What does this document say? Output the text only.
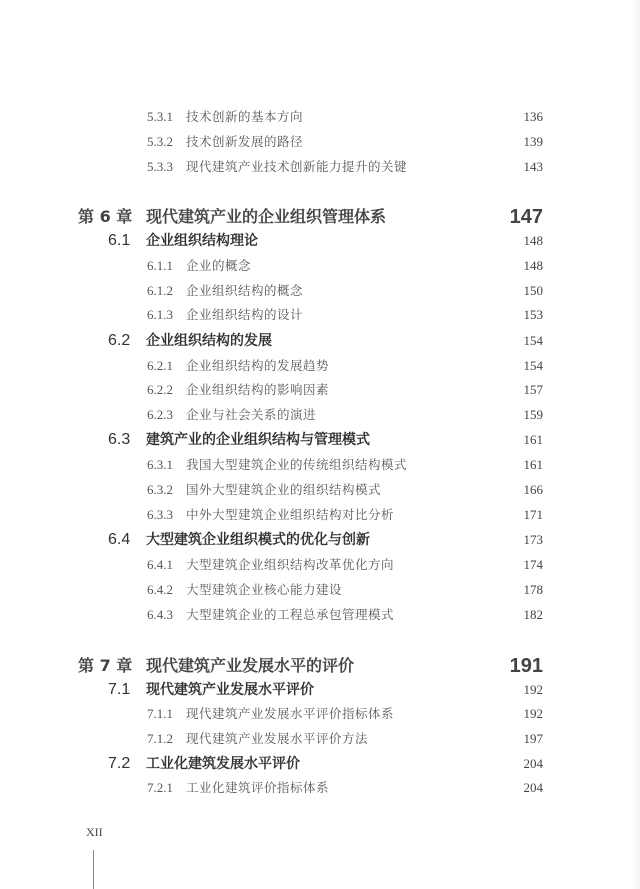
5.3.1 技术创新的基本方向	136
5.3.2 技术创新发展的路径	139
5.3.3 现代建筑产业技术创新能力提升的关键	143
第 6 章 现代建筑产业的企业组织管理体系	147
6.1 企业组织结构理论	148
6.1.1 企业的概念	148
6.1.2 企业组织结构的概念	150
6.1.3 企业组织结构的设计	153
6.2 企业组织结构的发展	154
6.2.1 企业组织结构的发展趋势	154
6.2.2 企业组织结构的影响因素	157
6.2.3 企业与社会关系的演进	159
6.3 建筑产业的企业组织结构与管理模式	161
6.3.1 我国大型建筑企业的传统组织结构模式	161
6.3.2 国外大型建筑企业的组织结构模式	166
6.3.3 中外大型建筑企业组织结构对比分析	171
6.4 大型建筑企业组织模式的优化与创新	173
6.4.1 大型建筑企业组织结构改革优化方向	174
6.4.2 大型建筑企业核心能力建设	178
6.4.3 大型建筑企业的工程总承包管理模式	182
第 7 章 现代建筑产业发展水平的评价	191
7.1 现代建筑产业发展水平评价	192
7.1.1 现代建筑产业发展水平评价指标体系	192
7.1.2 现代建筑产业发展水平评价方法	197
7.2 工业化建筑发展水平评价	204
7.2.1 工业化建筑评价指标体系	204
XII
